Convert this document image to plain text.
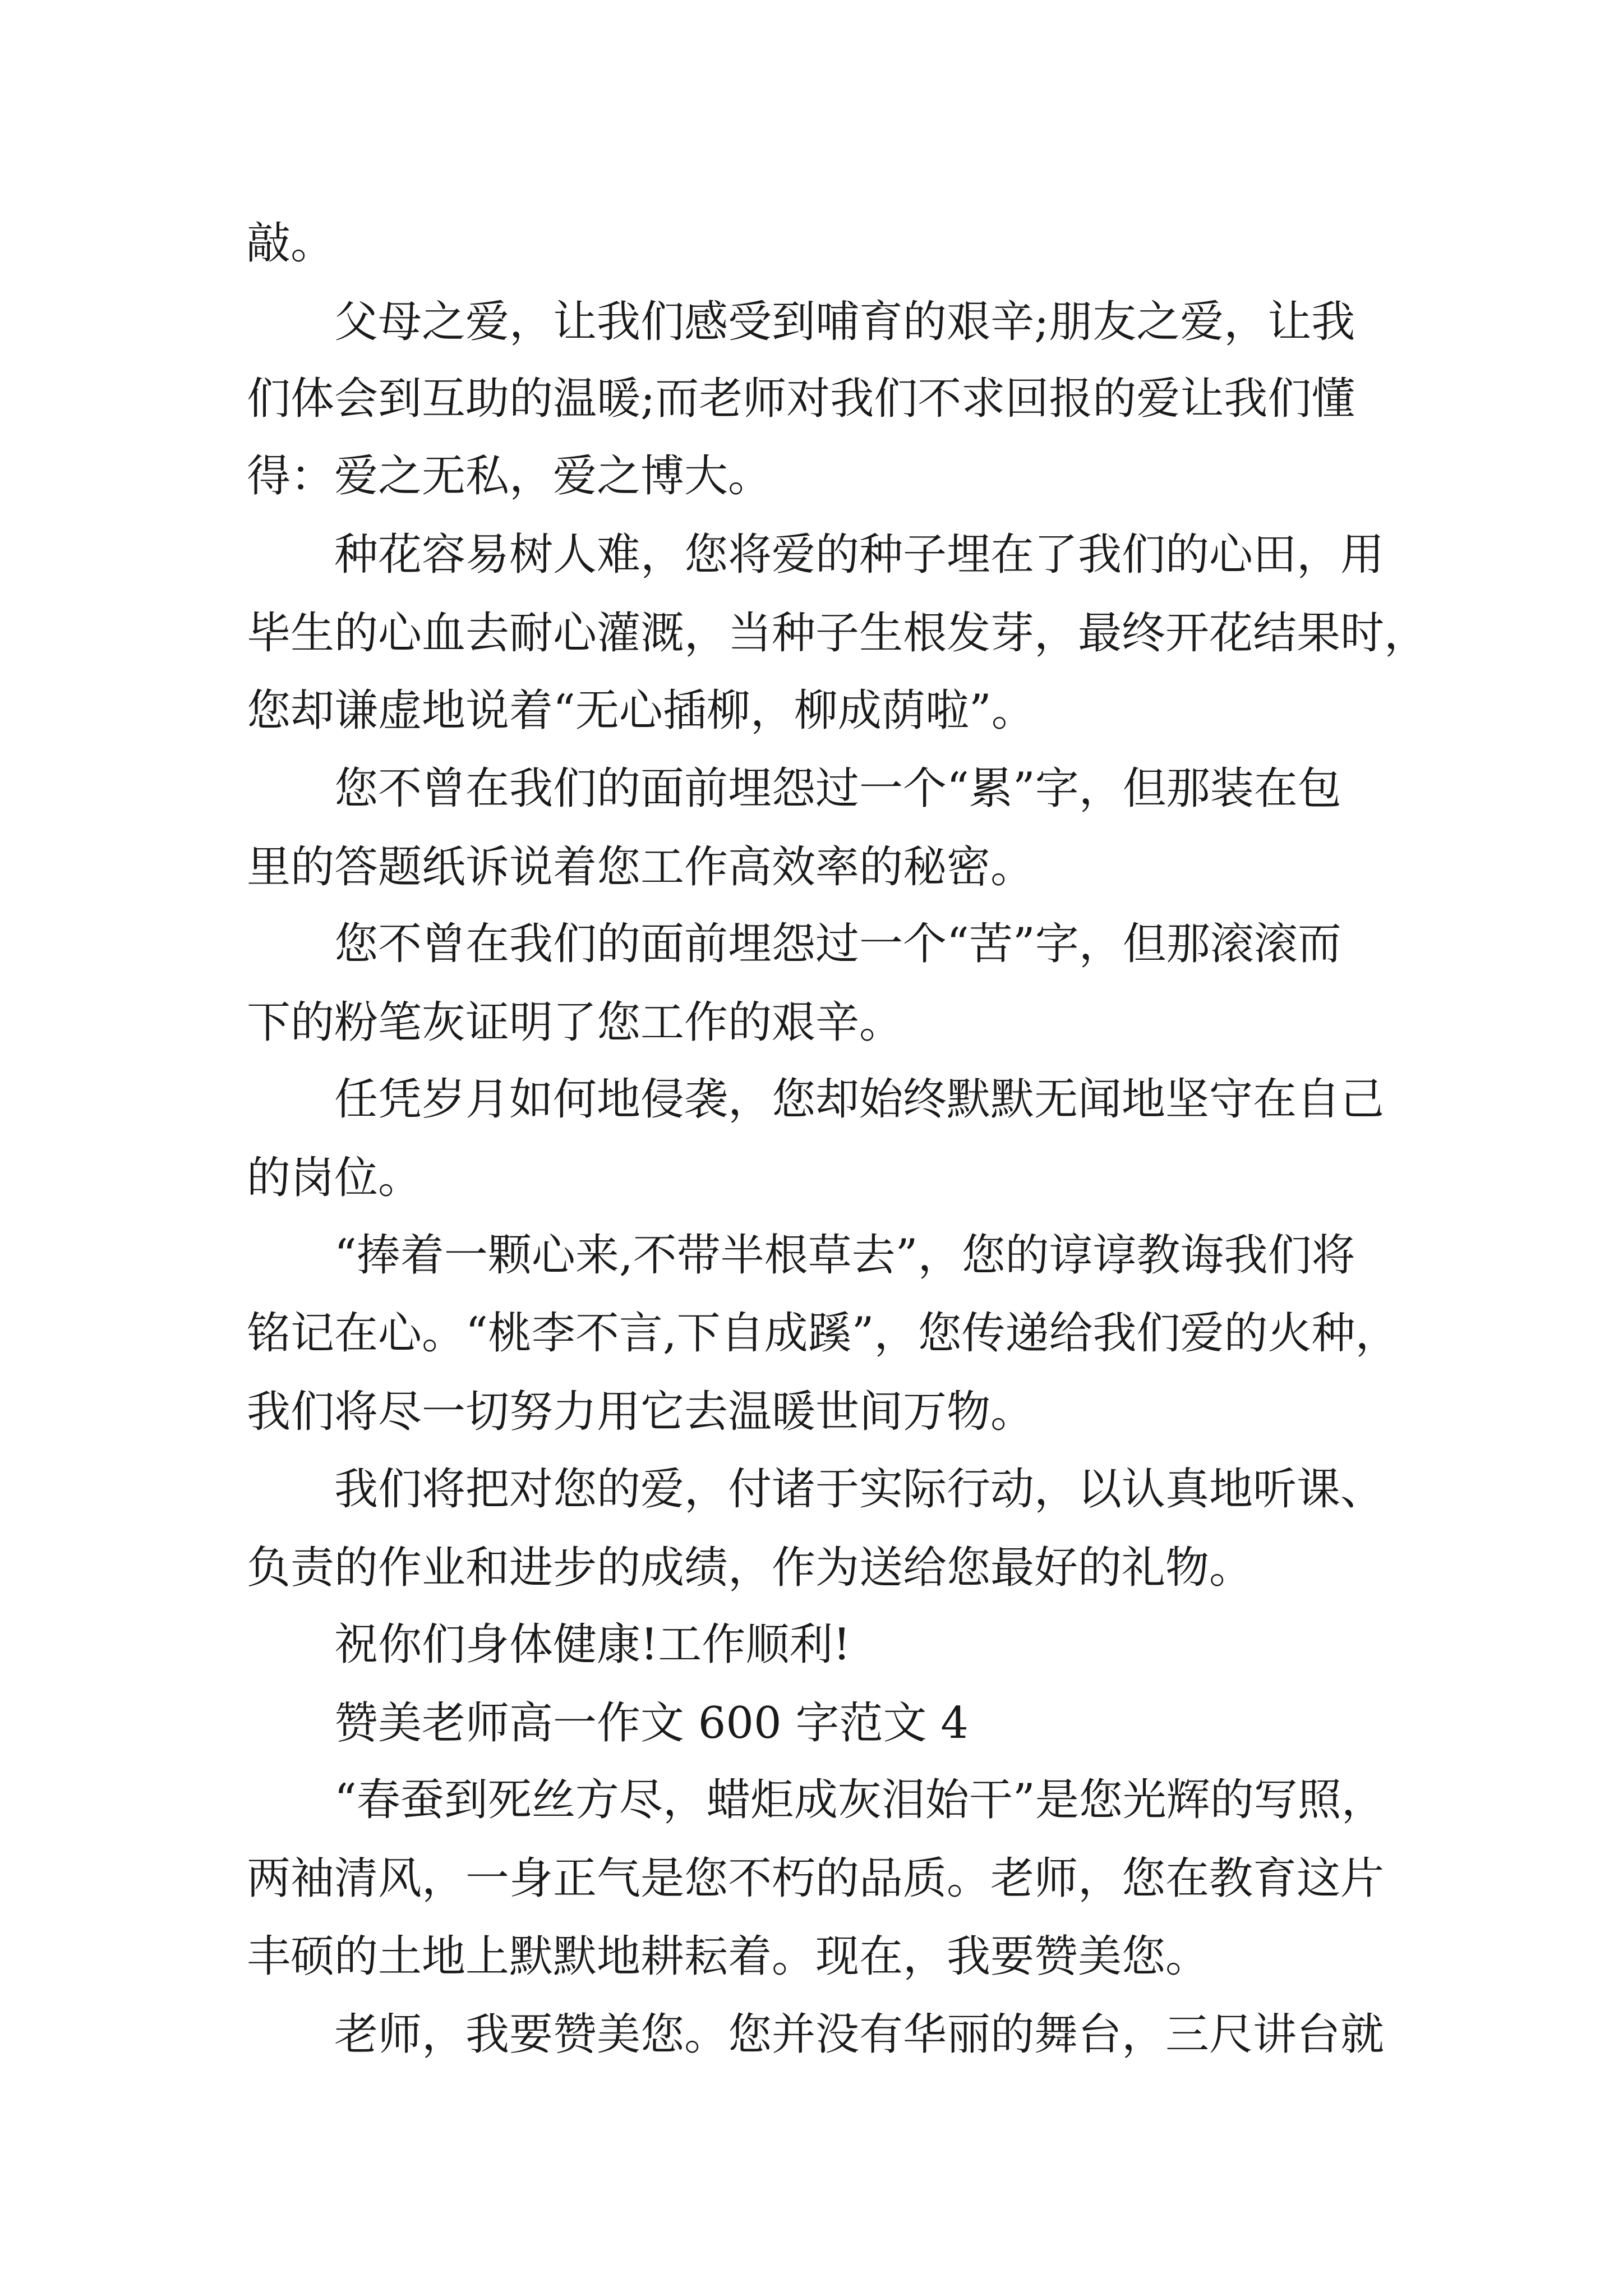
敲。
父母之爱，让我们感受到哺育的艰辛;朋友之爱，让我
们体会到互助的温暖;而老师对我们不求回报的爱让我们懂
得：爱之无私，爱之博大。
种花容易树人难，您将爱的种子埋在了我们的心田，用
毕生的心血去耐心灌溉，当种子生根发芽，最终开花结果时，
您却谦虚地说着“无心插柳，柳成荫啦”。
您不曾在我们的面前埋怨过一个“累”字，但那装在包
里的答题纸诉说着您工作高效率的秘密。
您不曾在我们的面前埋怨过一个“苦”字，但那滚滚而
下的粉笔灰证明了您工作的艰辛。
任凭岁月如何地侵袭，您却始终默默无闻地坚守在自己
的岗位。
“捧着一颗心来,不带半根草去”，您的谆谆教诲我们将
铭记在心。“桃李不言,下自成蹊”，您传递给我们爱的火种，
我们将尽一切努力用它去温暖世间万物。
我们将把对您的爱，付诸于实际行动，以认真地听课、
负责的作业和进步的成绩，作为送给您最好的礼物。
祝你们身体健康!工作顺利!
赞美老师高一作文 600 字范文 4
“春蚕到死丝方尽，蜡炬成灰泪始干”是您光辉的写照，
两袖清风，一身正气是您不朽的品质。老师，您在教育这片
丰硕的土地上默默地耕耘着。现在，我要赞美您。
老师，我要赞美您。您并没有华丽的舞台，三尺讲台就
